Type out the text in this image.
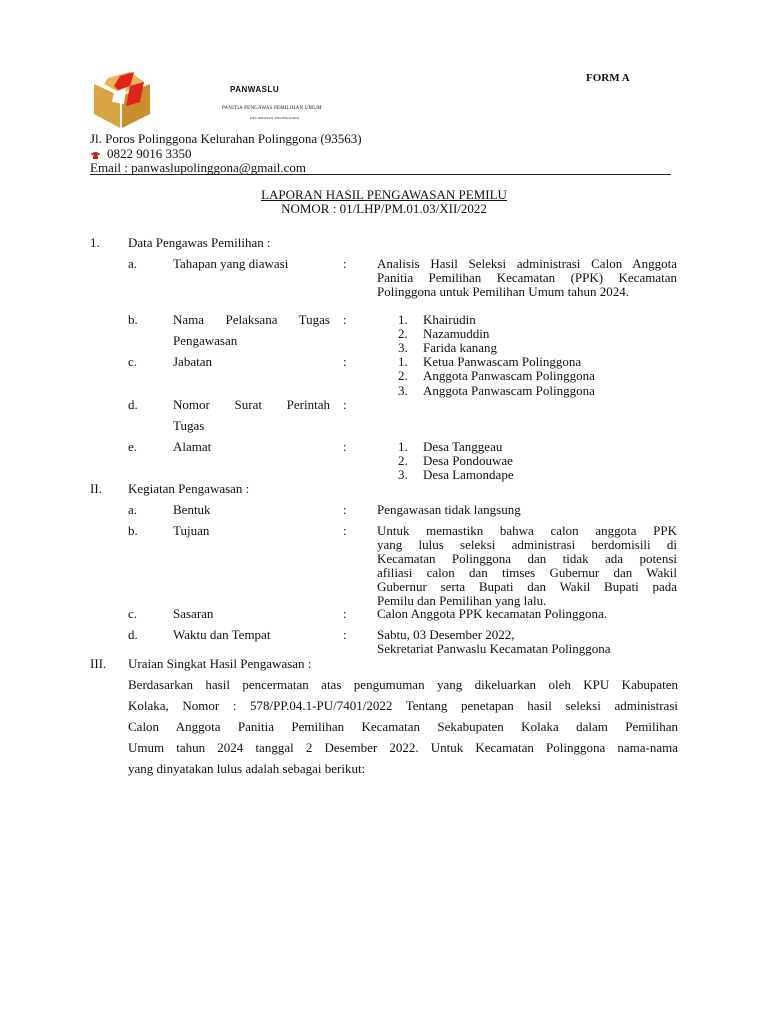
PANWASLU
PANITIA PENGAWAS PEMILIHAN UMUM
KECAMATAN POLINGGONA
FORM A
Jl. Poros Polinggona Kelurahan Polinggona (93563)
0822 9016 3350
Email : panwaslupolinggona@gmail.com
LAPORAN HASIL PENGAWASAN PEMILU
NOMOR : 01/LHP/PM.01.03/XII/2022
1. Data Pengawas Pemilihan :
a.	Tahapan yang diawasi	: Analisis Hasil Seleksi administrasi Calon Anggota Panitia Pemilihan Kecamatan (PPK) Kecamatan Polinggona untuk Pemilihan Umum tahun 2024.
b.	Nama Pelaksana Tugas
Pengawasan
:	1. Khairudin
2. Nazamuddin
3. Farida kanang
c.	Jabatan	:	1. Ketua Panwascam Polinggona
2. Anggota Panwascam Polinggona
3. Anggota Panwascam Polinggona
d.	Nomor Surat Perintah
Tugas
:
e.	Alamat	:	1. Desa Tanggeau
2. Desa Pondouwae
3. Desa Lamondape
II. Kegiatan Pengawasan :
a.	Bentuk	: Pengawasan tidak langsung
b.	Tujuan	: Untuk memastikn bahwa calon anggota PPK
yang lulus seleksi administrasi berdomisili di
Kecamatan Polinggona dan tidak ada potensi
afiliasi calon dan timses Gubernur dan Wakil
Gubernur serta Bupati dan Wakil Bupati pada
Pemilu dan Pemilihan yang lalu.
c.	Sasaran	: Calon Anggota PPK kecamatan Polinggona.
d.	Waktu dan Tempat	: Sabtu, 03 Desember 2022,
Sekretariat Panwaslu Kecamatan Polinggona
III. Uraian Singkat Hasil Pengawasan :
Berdasarkan hasil pencermatan atas pengumuman yang dikeluarkan oleh KPU Kabupaten
Kolaka, Nomor : 578/PP.04.1-PU/7401/2022 Tentang penetapan hasil seleksi administrasi
Calon Anggota Panitia Pemilihan Kecamatan Sekabupaten Kolaka dalam Pemilihan
Umum tahun 2024 tanggal 2 Desember 2022. Untuk Kecamatan Polinggona nama-nama
yang dinyatakan lulus adalah sebagai berikut:
